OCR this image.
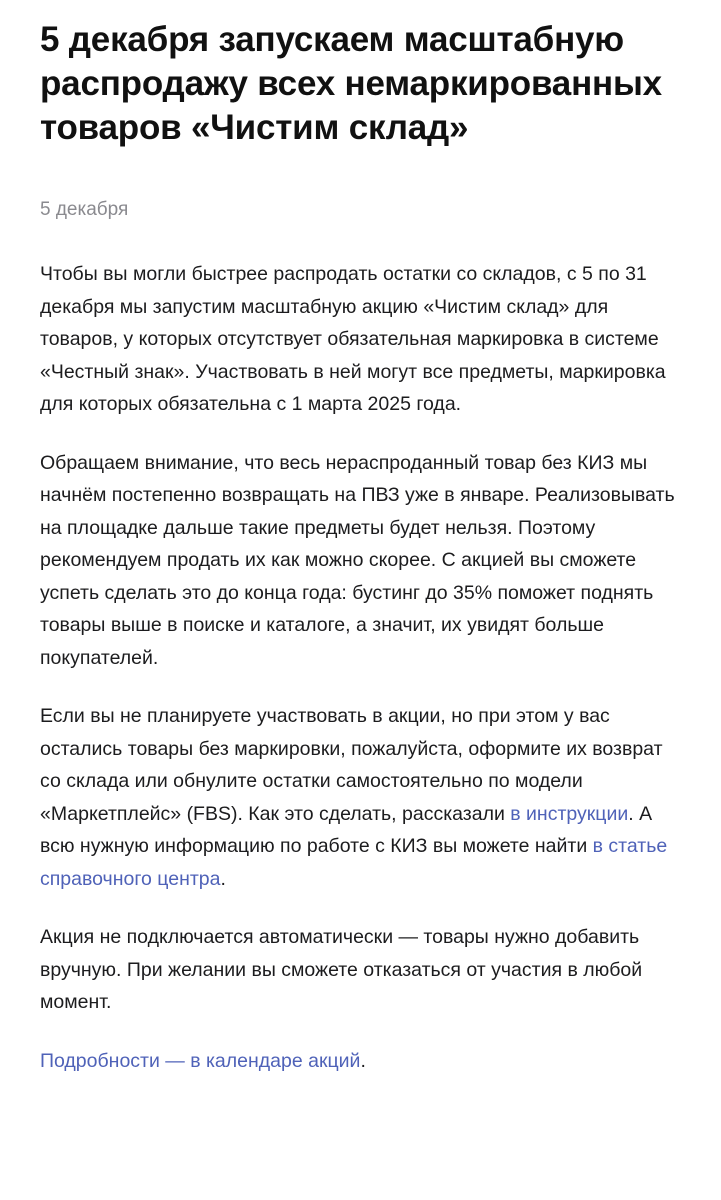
5 декабря запускаем масштабную распродажу всех немаркированных товаров «Чистим склад»
5 декабря

Чтобы вы могли быстрее распродать остатки со складов, с 5 по 31 декабря мы запустим масштабную акцию «Чистим склад» для товаров, у которых отсутствует обязательная маркировка в системе «Честный знак». Участвовать в ней могут все предметы, маркировка для которых обязательна с 1 марта 2025 года.

Обращаем внимание, что весь нераспроданный товар без КИЗ мы начнём постепенно возвращать на ПВЗ уже в январе. Реализовывать на площадке дальше такие предметы будет нельзя. Поэтому рекомендуем продать их как можно скорее. С акцией вы сможете успеть сделать это до конца года: бустинг до 35% поможет поднять товары выше в поиске и каталоге, а значит, их увидят больше покупателей.

Если вы не планируете участвовать в акции, но при этом у вас остались товары без маркировки, пожалуйста, оформите их возврат со склада или обнулите остатки самостоятельно по модели «Маркетплейс» (FBS). Как это сделать, рассказали в инструкции. А всю нужную информацию по работе с КИЗ вы можете найти в статье справочного центра.

Акция не подключается автоматически — товары нужно добавить вручную. При желании вы сможете отказаться от участия в любой момент.

Подробности — в календаре акций.
